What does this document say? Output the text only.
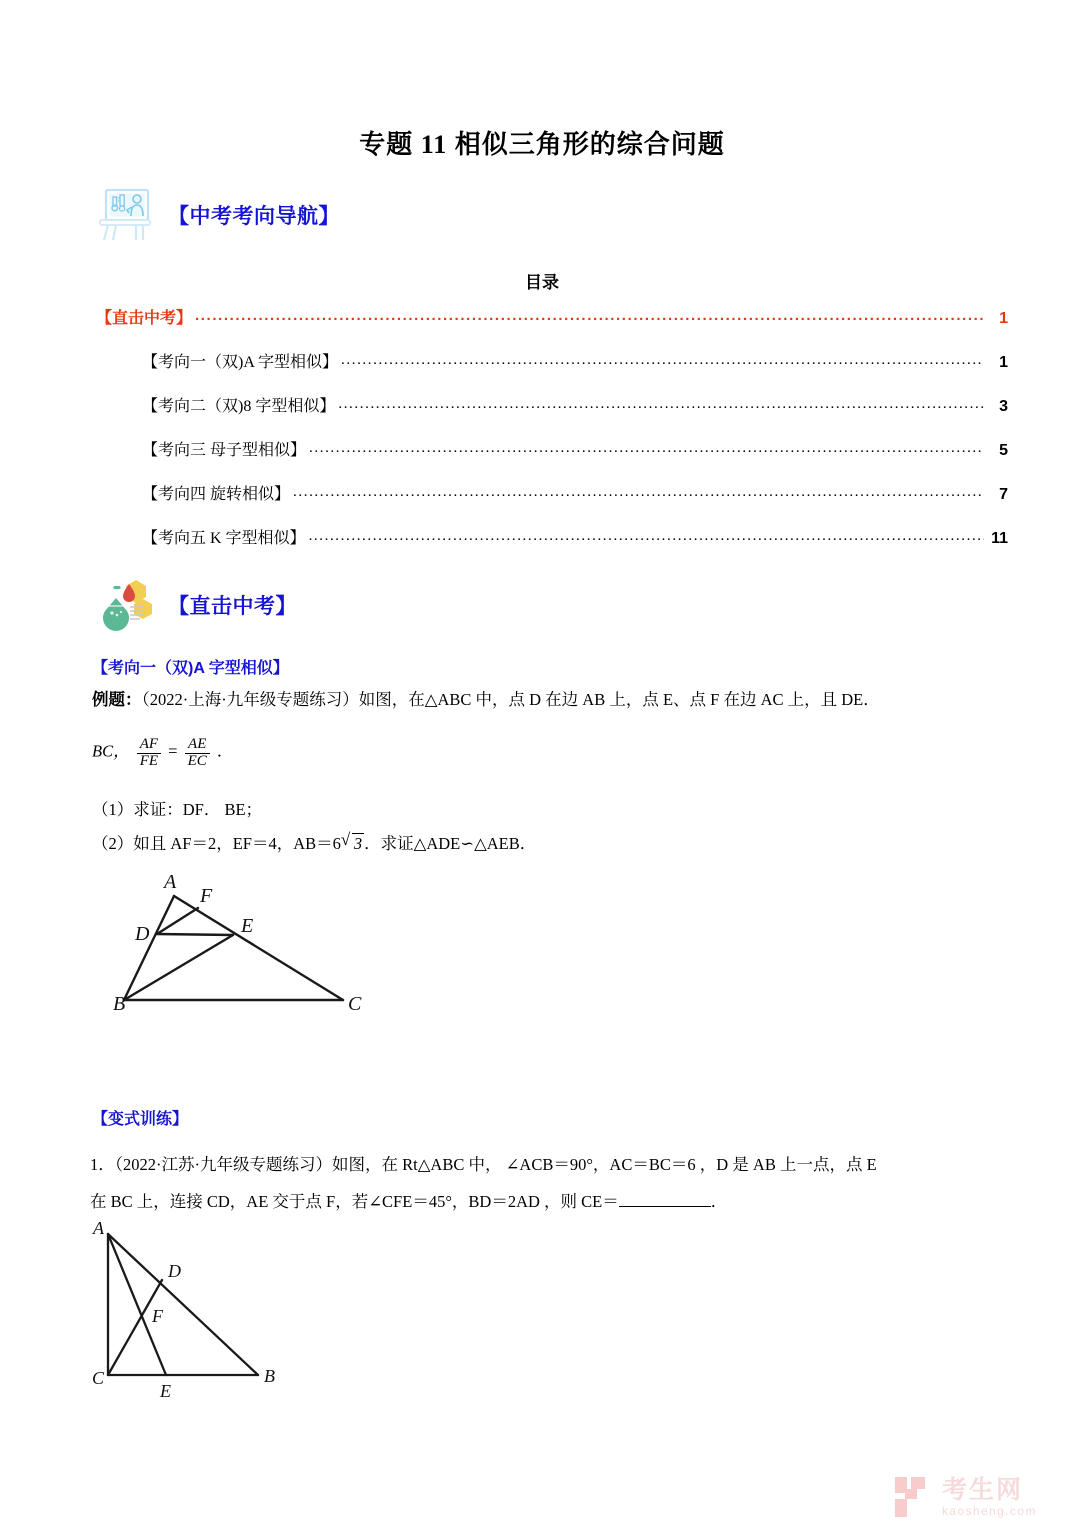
专题 11 相似三角形的综合问题
【中考考向导航】
目录
【直击中考】 .....	1
【考向一（双)A 字型相似】 .....	1
【考向二（双)8 字型相似】 .....	3
【考向三 母子型相似】 .....	5
【考向四 旋转相似】 .....	7
【考向五 K 字型相似】 .....	11
【直击中考】
【考向一（双)A 字型相似】
例题：（2022·上海·九年级专题练习）如图，在△ABC 中，点 D 在边 AB 上，点 E、点 F 在边 AC 上，且 DE．
BC， $\frac{AF}{FE} = \frac{AE}{EC}$ ．
（1）求证：DF． BE；
（2）如且 AF＝2，EF＝4，AB＝6 √ 3 ．求证△ADE∽△AEB．
A
B	C
D	E
F
【变式训练】
1．（2022·江苏·九年级专题练习）如图，在 Rt△ABC 中， ∠ACB＝90°，AC＝BC＝6 ，D 是 AB 上一点，点 E
在 BC 上，连接 CD，AE 交于点 F，若∠CFE＝45°，BD＝2AD ，则 CE＝	．
A
C	B
D
E
F
考生网
kaosheng.com
